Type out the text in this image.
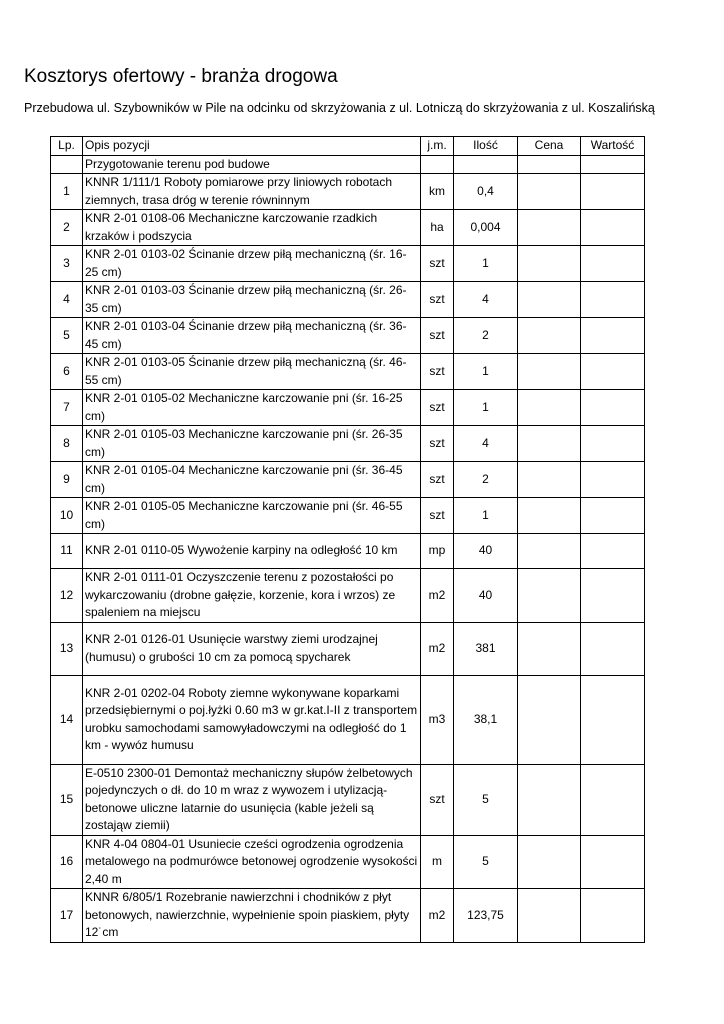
Kosztorys ofertowy - branża drogowa
Przebudowa ul. Szybowników w Pile na odcinku od skrzyżowania z ul. Lotniczą do skrzyżowania z ul. Koszalińską
Lp.	Opis pozycji	j.m.	Ilość	Cena	Wartość
	Przygotowanie terenu pod budowe				
1	KNNR 1/111/1 Roboty pomiarowe przy liniowych robotach ziemnych, trasa dróg w terenie równinnym	km	0,4		
2	KNR 2-01 0108-06 Mechaniczne karczowanie rzadkich krzaków i podszycia	ha	0,004		
3	KNR 2-01 0103-02 Ścinanie drzew piłą mechaniczną (śr. 16-25 cm)	szt	1		
4	KNR 2-01 0103-03 Ścinanie drzew piłą mechaniczną (śr. 26-35 cm)	szt	4		
5	KNR 2-01 0103-04 Ścinanie drzew piłą mechaniczną (śr. 36-45 cm)	szt	2		
6	KNR 2-01 0103-05 Ścinanie drzew piłą mechaniczną (śr. 46-55 cm)	szt	1		
7	KNR 2-01 0105-02 Mechaniczne karczowanie pni (śr. 16-25 cm)	szt	1		
8	KNR 2-01 0105-03 Mechaniczne karczowanie pni (śr. 26-35 cm)	szt	4		
9	KNR 2-01 0105-04 Mechaniczne karczowanie pni (śr. 36-45 cm)	szt	2		
10	KNR 2-01 0105-05 Mechaniczne karczowanie pni (śr. 46-55 cm)	szt	1		
11	KNR 2-01 0110-05 Wywożenie karpiny na odległość 10 km	mp	40		
12	KNR 2-01 0111-01 Oczyszczenie terenu z pozostałości po wykarczowaniu (drobne gałęzie, korzenie, kora i wrzos) ze spaleniem na miejscu	m2	40		
13	KNR 2-01 0126-01 Usunięcie warstwy ziemi urodzajnej (humusu) o grubości 10 cm za pomocą spycharek	m2	381		
14	KNR 2-01 0202-04 Roboty ziemne wykonywane koparkami przedsiębiernymi o poj.łyżki 0.60 m3 w gr.kat.I-II z transportem urobku samochodami samowyładowczymi na odległość do 1 km - wywóz humusu	m3	38,1		
15	E-0510 2300-01 Demontaż mechaniczny słupów żelbetowych pojedynczych o dł. do 10 m wraz z wywozem i utylizacją- betonowe uliczne latarnie do usunięcia (kable jeżeli są zostająw ziemii)	szt	5		
16	KNR 4-04 0804-01 Usuniecie cześci ogrodzenia ogrodzenia metalowego na podmurówce betonowej ogrodzenie wysokości 2,40 m	m	5		
17	KNNR 6/805/1 Rozebranie nawierzchni i chodników z płyt betonowych, nawierzchnie, wypełnienie spoin piaskiem, płyty 12˙cm	m2	123,75		
